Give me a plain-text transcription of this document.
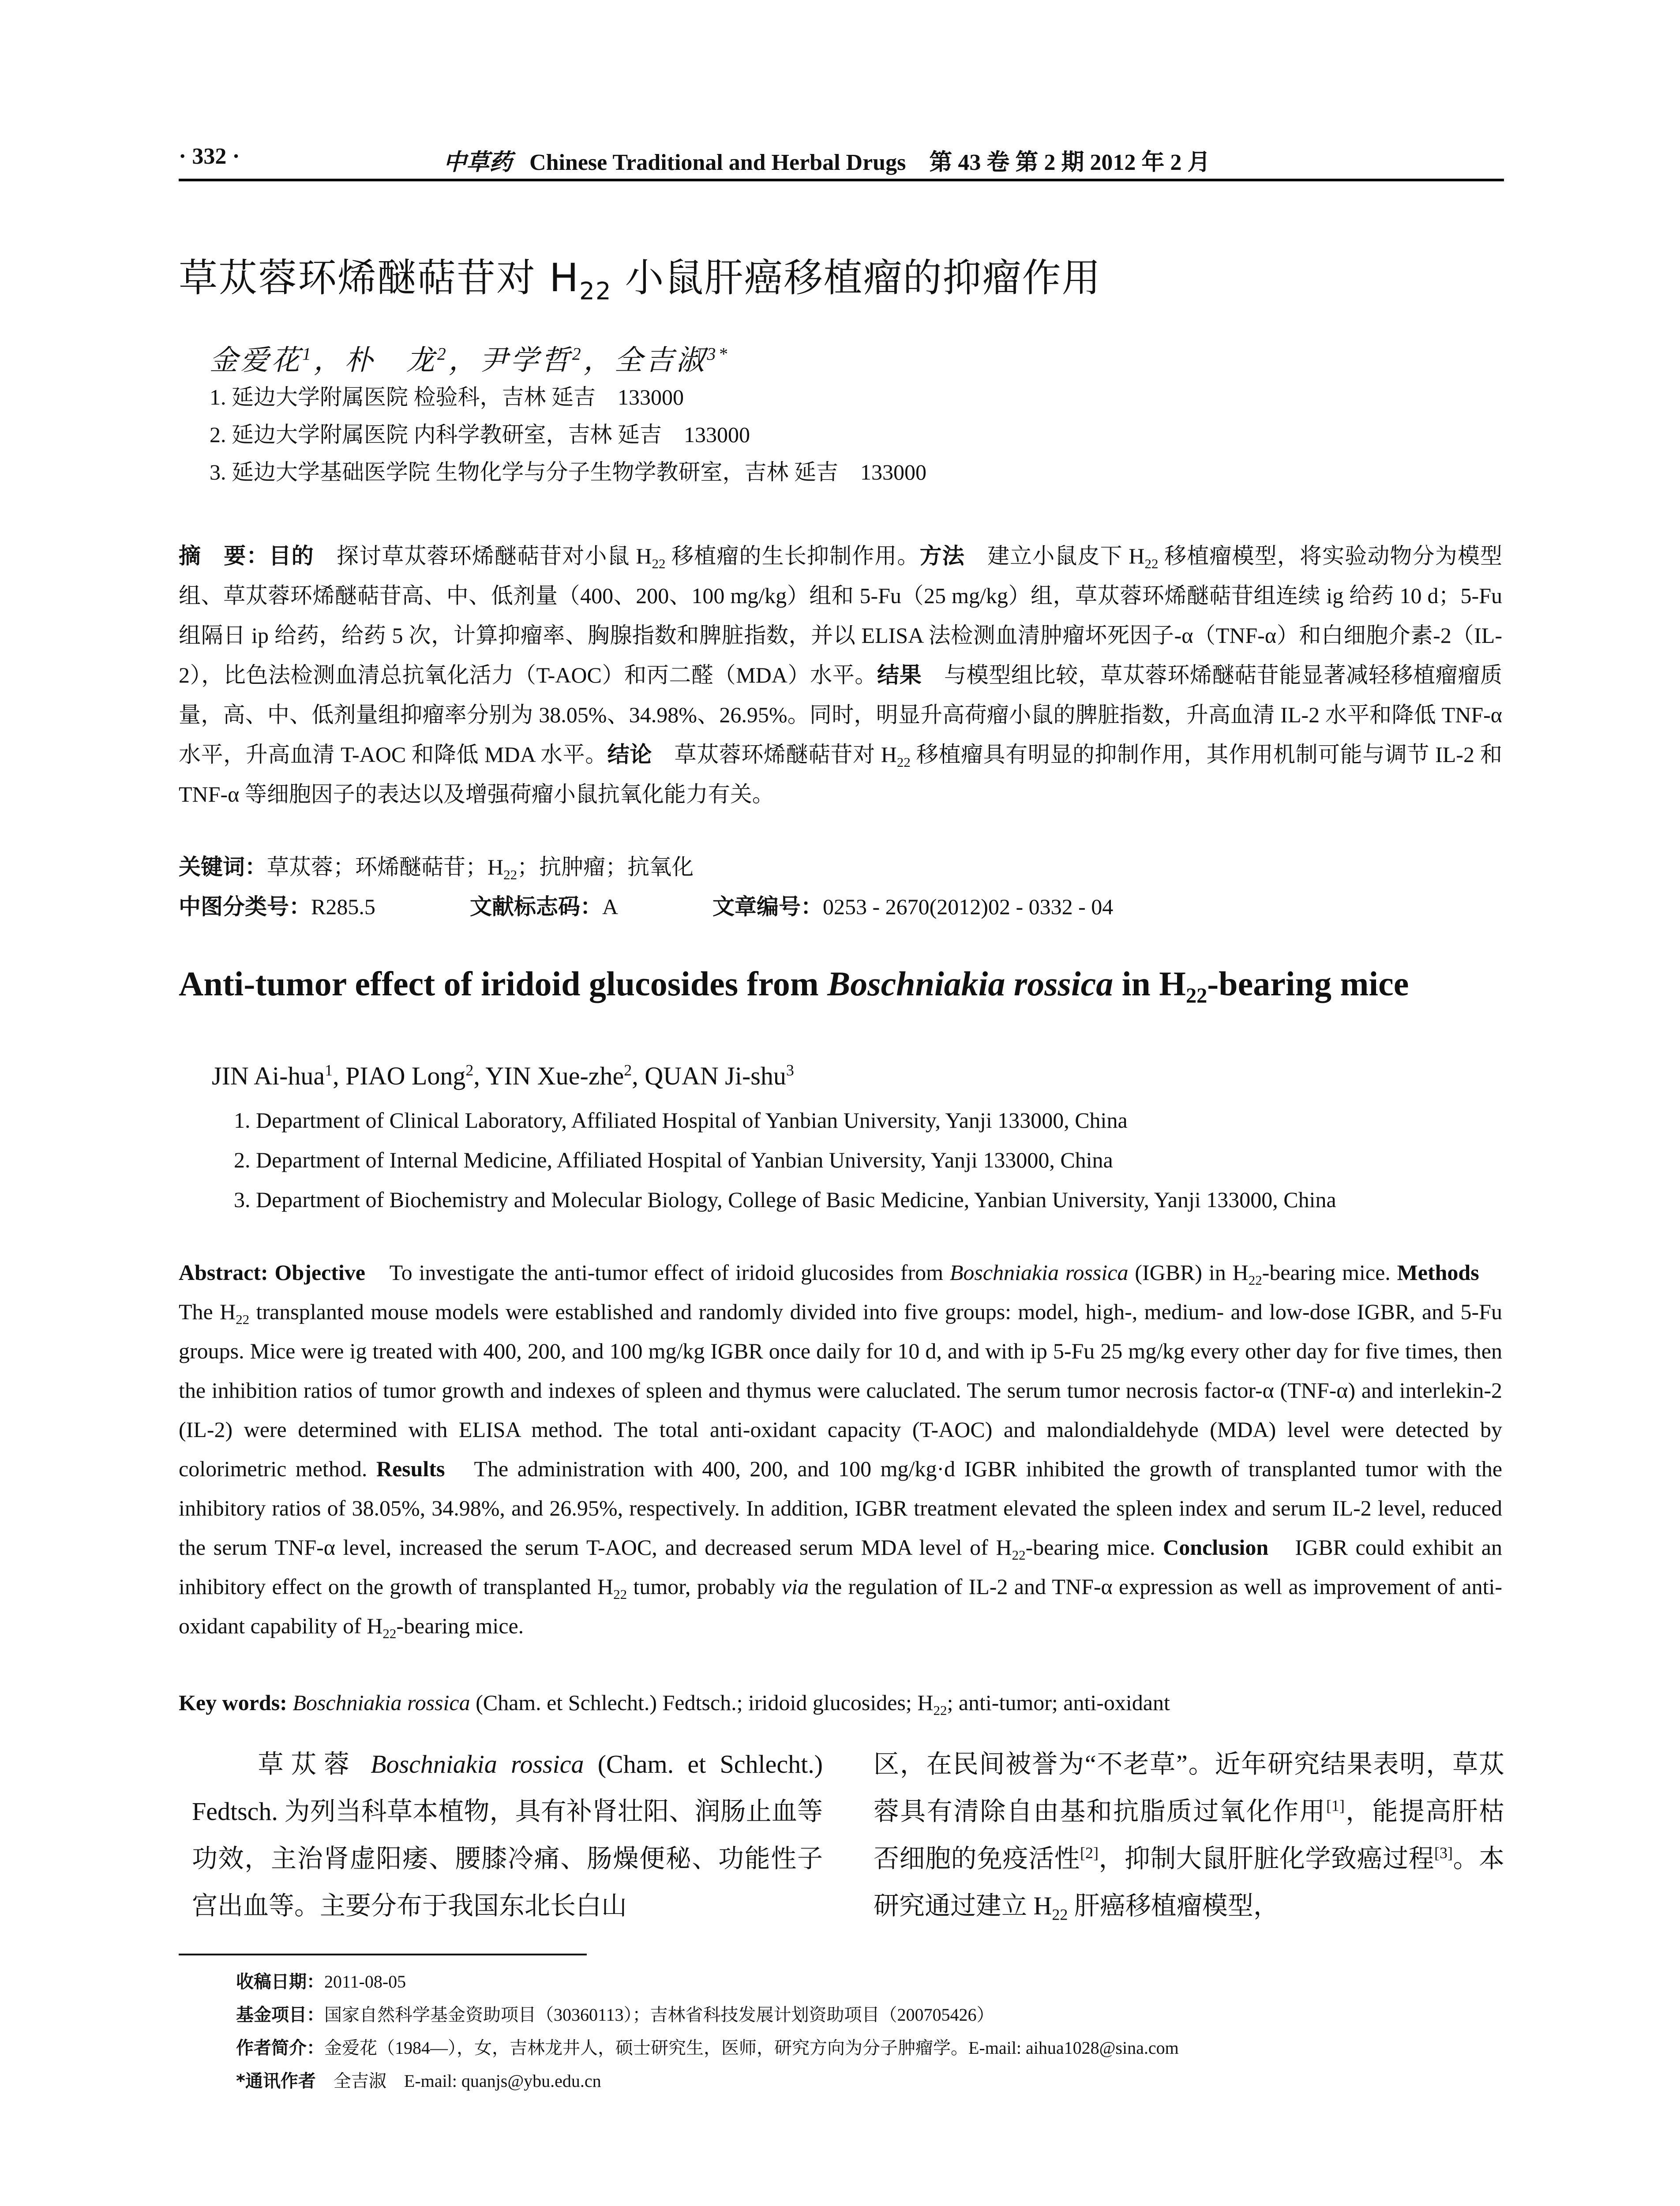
· 332 ·	中草药 Chinese Traditional and Herbal Drugs 第 43 卷 第 2 期 2012 年 2 月
草苁蓉环烯醚萜苷对 $H_{22}$ 小鼠肝癌移植瘤的抑瘤作用
金爱花$^1$，朴　龙$^2$，尹学哲$^2$，全吉淑$^{3*}$
1. 延边大学附属医院 检验科，吉林 延吉　133000
2. 延边大学附属医院 内科学教研室，吉林 延吉　133000
3. 延边大学基础医学院 生物化学与分子生物学教研室，吉林 延吉　133000
摘　要：目的　探讨草苁蓉环烯醚萜苷对小鼠 $H_{22}$ 移植瘤的生长抑制作用。方法　建立小鼠皮下 $H_{22}$ 移植瘤模型，将实验动物分为模型组、草苁蓉环烯醚萜苷高、中、低剂量（400、200、100 mg/kg）组和 5-Fu（25 mg/kg）组，草苁蓉环烯醚萜苷组连续 ig 给药 10 d；5-Fu 组隔日 ip 给药，给药 5 次，计算抑瘤率、胸腺指数和脾脏指数，并以 ELISA 法检测血清肿瘤坏死因子-α（TNF-α）和白细胞介素-2（IL-2），比色法检测血清总抗氧化活力（T-AOC）和丙二醛（MDA）水平。结果　与模型组比较，草苁蓉环烯醚萜苷能显著减轻移植瘤瘤质量，高、中、低剂量组抑瘤率分别为 38.05%、34.98%、26.95%。同时，明显升高荷瘤小鼠的脾脏指数，升高血清 IL-2 水平和降低 TNF-α 水平，升高血清 T-AOC 和降低 MDA 水平。结论　草苁蓉环烯醚萜苷对 $H_{22}$ 移植瘤具有明显的抑制作用，其作用机制可能与调节 IL-2 和 TNF-α 等细胞因子的表达以及增强荷瘤小鼠抗氧化能力有关。
关键词：草苁蓉；环烯醚萜苷；$H_{22}$；抗肿瘤；抗氧化
中图分类号：R285.5	文献标志码：A	文章编号：0253 - 2670(2012)02 - 0332 - 04
Anti-tumor effect of iridoid glucosides from Boschniakia rossica in $H_{22}$-bearing mice
JIN Ai-hua$^1$, PIAO Long$^2$, YIN Xue-zhe$^2$, QUAN Ji-shu$^3$
1. Department of Clinical Laboratory, Affiliated Hospital of Yanbian University, Yanji 133000, China
2. Department of Internal Medicine, Affiliated Hospital of Yanbian University, Yanji 133000, China
3. Department of Biochemistry and Molecular Biology, College of Basic Medicine, Yanbian University, Yanji 133000, China
Abstract: Objective　To investigate the anti-tumor effect of iridoid glucosides from Boschniakia rossica (IGBR) in $H_{22}$-bearing mice. Methods　The $H_{22}$ transplanted mouse models were established and randomly divided into five groups: model, high-, medium- and low-dose IGBR, and 5-Fu groups. Mice were ig treated with 400, 200, and 100 mg/kg IGBR once daily for 10 d, and with ip 5-Fu 25 mg/kg every other day for five times, then the inhibition ratios of tumor growth and indexes of spleen and thymus were caluclated. The serum tumor necrosis factor-α (TNF-α) and interlekin-2 (IL-2) were determined with ELISA method. The total anti-oxidant capacity (T-AOC) and malondialdehyde (MDA) level were detected by colorimetric method. Results　The administration with 400, 200, and 100 mg/kg·d IGBR inhibited the growth of transplanted tumor with the inhibitory ratios of 38.05%, 34.98%, and 26.95%, respectively. In addition, IGBR treatment elevated the spleen index and serum IL-2 level, reduced the serum TNF-α level, increased the serum T-AOC, and decreased serum MDA level of $H_{22}$-bearing mice. Conclusion　IGBR could exhibit an inhibitory effect on the growth of transplanted $H_{22}$ tumor, probably via the regulation of IL-2 and TNF-α expression as well as improvement of anti-oxidant capability of $H_{22}$-bearing mice.
Key words: Boschniakia rossica (Cham. et Schlecht.) Fedtsch.; iridoid glucosides; $H_{22}$; anti-tumor; anti-oxidant
　　草苁蓉 Boschniakia rossica (Cham. et Schlecht.) Fedtsch. 为列当科草本植物，具有补肾壮阳、润肠止血等功效，主治肾虚阳痿、腰膝冷痛、肠燥便秘、功能性子宫出血等。主要分布于我国东北长白山
区，在民间被誉为“不老草”。近年研究结果表明，草苁蓉具有清除自由基和抗脂质过氧化作用[1]，能提高肝枯否细胞的免疫活性[2]，抑制大鼠肝脏化学致癌过程[3]。本研究通过建立 $H_{22}$ 肝癌移植瘤模型，
收稿日期：2011-08-05
基金项目：国家自然科学基金资助项目（30360113）；吉林省科技发展计划资助项目（200705426）
作者简介：金爱花（1984—），女，吉林龙井人，硕士研究生，医师，研究方向为分子肿瘤学。E-mail: aihua1028@sina.com
*通讯作者　 全吉淑　E-mail: quanjs@ybu.edu.cn
